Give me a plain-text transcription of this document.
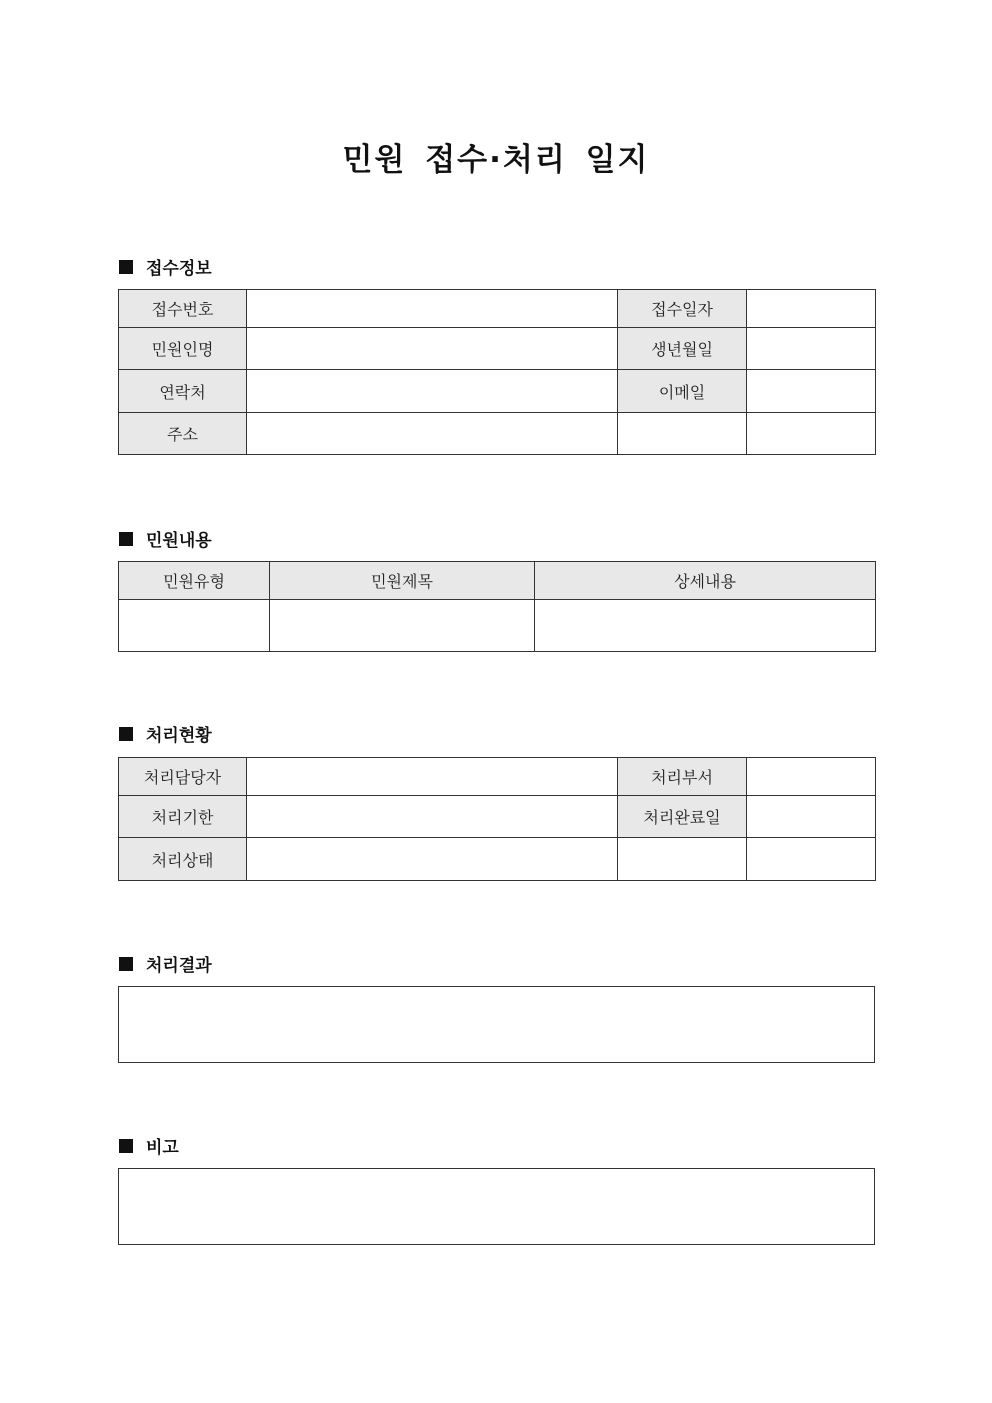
민원 접수·처리 일지
접수정보
접수번호		접수일자	
민원인명		생년월일	
연락처		이메일	
주소			
민원내용
민원유형	민원제목	상세내용

처리현황
처리담당자		처리부서	
처리기한		처리완료일	
처리상태			
처리결과
비고
